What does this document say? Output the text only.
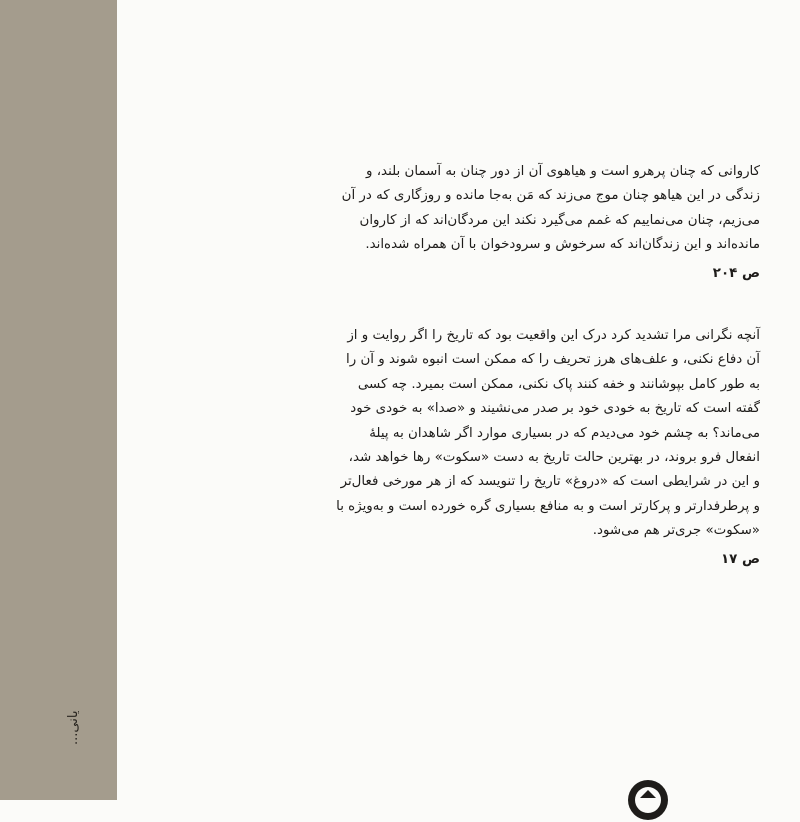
...یانی

کاروانی که چنان پرهرو است و هیاهوی آن از دور چنان به آسمان بلند، و

زندگی در این هیاهو چنان موج می‌زند که مَن به‌جا مانده و روزگاری که در آن

می‌زیم، چنان می‌نماییم که غمم می‌گیرد نکند این مردگان‌اند که از کاروان

مانده‌اند و این زندگان‌اند که سرخوش و سرودخوان با آن همراه شده‌اند.

ص ۲۰۴

آنچه نگرانی مرا تشدید کرد درک این واقعیت بود که تاریخ را اگر روایت و از

آن دفاع نکنی، و علف‌های هرز تحریف را که ممکن است انبوه شوند و آن را

به طور کامل بپوشانند و خفه کنند پاک نکنی، ممکن است بمیرد. چه کسی

گفته است که تاریخ به خودی خود بر صدر می‌نشیند و «صدا» به خودی خود

می‌ماند؟ به چشم خود می‌دیدم که در بسیاری موارد اگر شاهدان به پیلهٔ

انفعال فرو بروند، در بهترین حالت تاریخ به دست «سکوت» رها خواهد شد،

و این در شرایطی است که «دروغ» تاریخ را تنویسد که از هر مورخی فعال‌تر

و پرطرفدارتر و پرکارتر است و به منافع بسیاری گره خورده است و به‌ویژه با

«سکوت» جری‌تر هم می‌شود.

ص ۱۷
